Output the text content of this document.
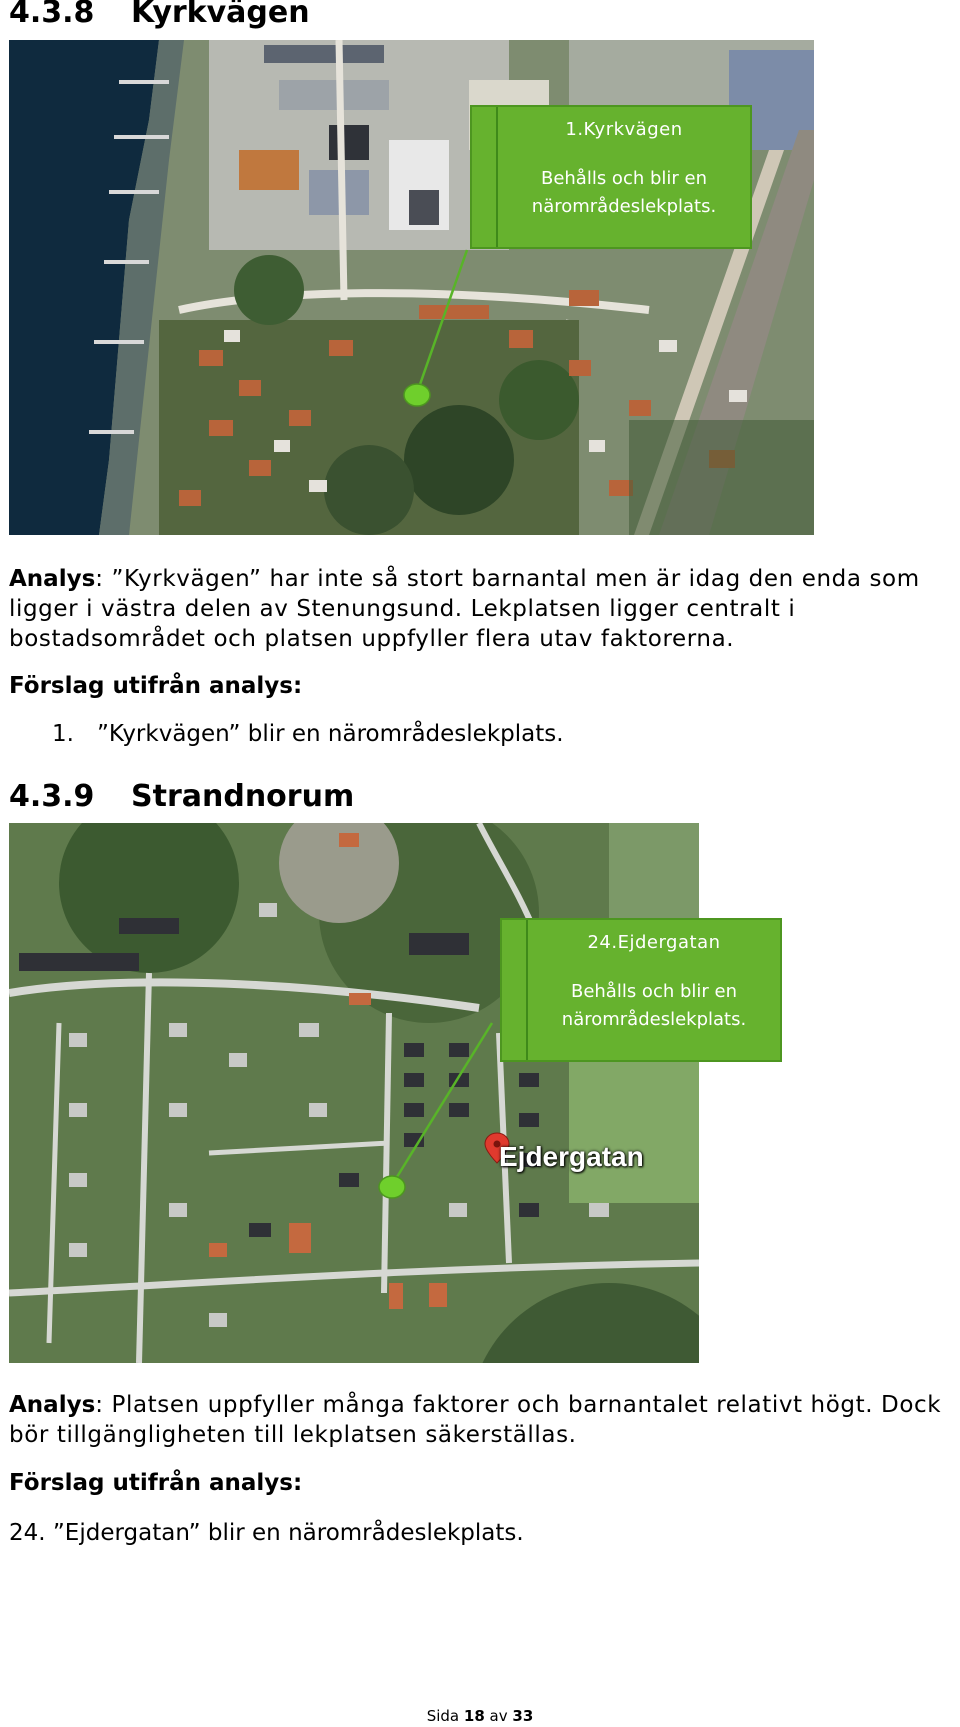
4.3.8 Kyrkvägen
1.Kyrkvägen
Behålls och blir en
närområdeslekplats.

Analys: ”Kyrkvägen” har inte så stort barnantal men är idag den enda som ligger i västra delen av Stenungsund. Lekplatsen ligger centralt i bostadsområdet och platsen uppfyller flera utav faktorerna.

Förslag utifrån analys:

1. ”Kyrkvägen” blir en närområdeslekplats.

4.3.9 Strandnorum
Ejdergatan
24.Ejdergatan
Behålls och blir en
närområdeslekplats.

Analys: Platsen uppfyller många faktorer och barnantalet relativt högt. Dock bör tillgängligheten till lekplatsen säkerställas.

Förslag utifrån analys:

24. ”Ejdergatan” blir en närområdeslekplats.

Sida 18 av 33
